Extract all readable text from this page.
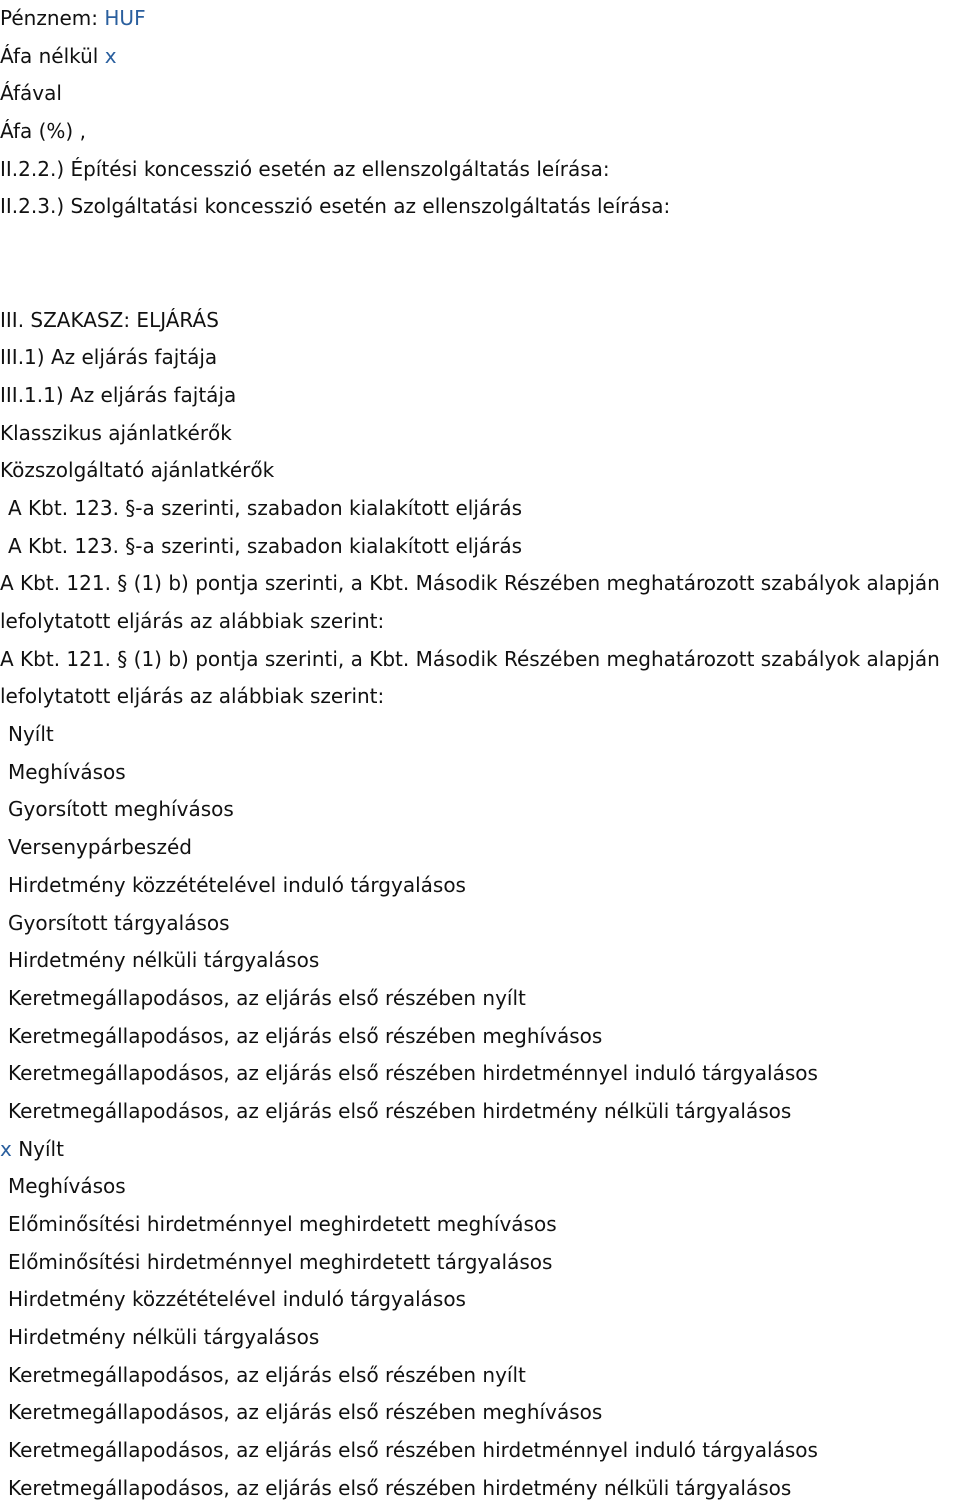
Pénznem: HUF
Áfa nélkül x
Áfával
Áfa (%) ,
II.2.2.) Építési koncesszió esetén az ellenszolgáltatás leírása:
II.2.3.) Szolgáltatási koncesszió esetén az ellenszolgáltatás leírása:
III. SZAKASZ: ELJÁRÁS
III.1) Az eljárás fajtája
III.1.1) Az eljárás fajtája
Klasszikus ajánlatkérők
Közszolgáltató ajánlatkérők
A Kbt. 123. §-a szerinti, szabadon kialakított eljárás
A Kbt. 123. §-a szerinti, szabadon kialakított eljárás
A Kbt. 121. § (1) b) pontja szerinti, a Kbt. Második Részében meghatározott szabályok alapján
lefolytatott eljárás az alábbiak szerint:
A Kbt. 121. § (1) b) pontja szerinti, a Kbt. Második Részében meghatározott szabályok alapján
lefolytatott eljárás az alábbiak szerint:
Nyílt
Meghívásos
Gyorsított meghívásos
Versenypárbeszéd
Hirdetmény közzétételével induló tárgyalásos
Gyorsított tárgyalásos
Hirdetmény nélküli tárgyalásos
Keretmegállapodásos, az eljárás első részében nyílt
Keretmegállapodásos, az eljárás első részében meghívásos
Keretmegállapodásos, az eljárás első részében hirdetménnyel induló tárgyalásos
Keretmegállapodásos, az eljárás első részében hirdetmény nélküli tárgyalásos
x Nyílt
Meghívásos
Előminősítési hirdetménnyel meghirdetett meghívásos
Előminősítési hirdetménnyel meghirdetett tárgyalásos
Hirdetmény közzétételével induló tárgyalásos
Hirdetmény nélküli tárgyalásos
Keretmegállapodásos, az eljárás első részében nyílt
Keretmegállapodásos, az eljárás első részében meghívásos
Keretmegállapodásos, az eljárás első részében hirdetménnyel induló tárgyalásos
Keretmegállapodásos, az eljárás első részében hirdetmény nélküli tárgyalásos
